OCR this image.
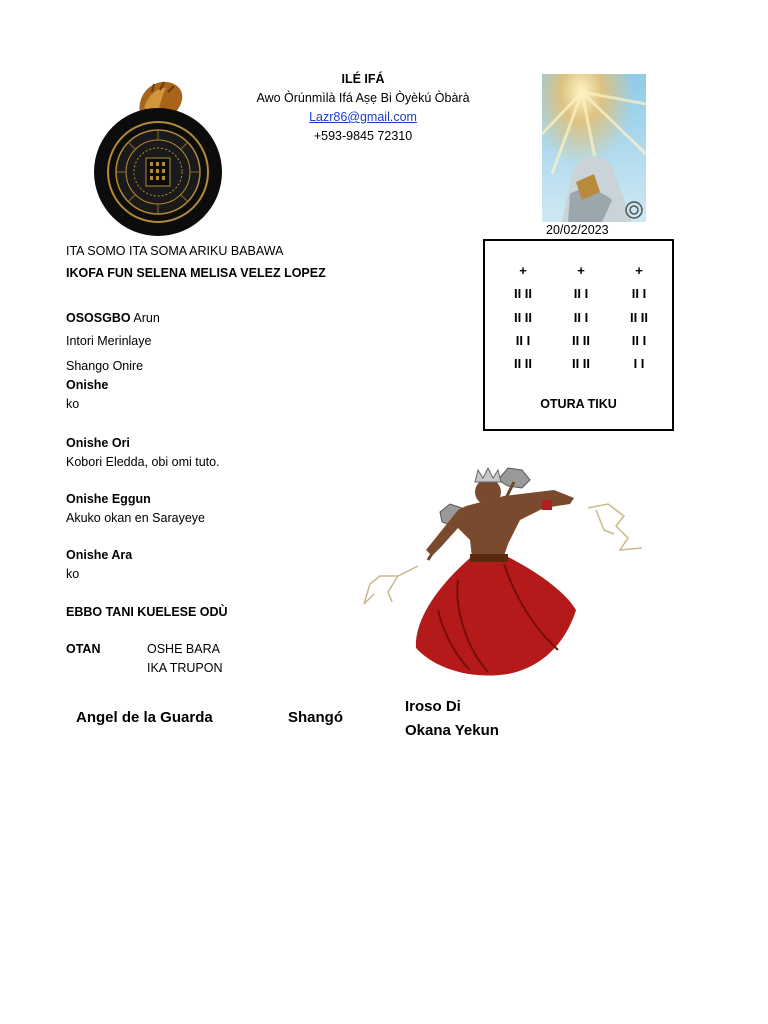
ILÉ IFÁ
Awo Òrúnmìlà Ifá Aṣẹ Bi Òyèkú Òbàrà
Lazr86@gmail.com
+593-9845 72310
20/02/2023
ITA SOMO ITA SOMA ARIKU BABAWA
IKOFA FUN SELENA MELISA VELEZ LOPEZ
OSOSGBO Arun
Intori Merinlaye
Shango Onire
Onishe
ko
Onishe Ori
Kobori Eledda, obi omi tuto.
Onishe Eggun
Akuko okan en Sarayeye
Onishe Ara
ko
EBBO TANI KUELESE ODÙ
OTAN	OSHE BARA
IKA TRUPON
+	+	+
II II	II I	II I
II II	II I	II II
II I	II II	II I
II II	II II	I I
OTURA TIKU
Angel de la Guarda	Shangó
Iroso Di
Okana Yekun
